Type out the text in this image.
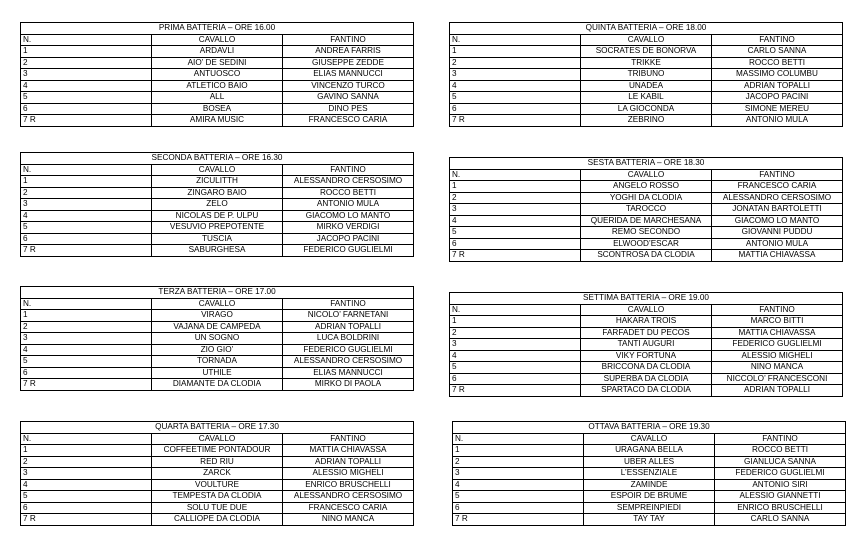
PRIMA BATTERIA – ORE 16.00		
N.	CAVALLO	FANTINO
1	ARDAVLI	ANDREA FARRIS
2	AIO’ DE SEDINI	GIUSEPPE ZEDDE
3	ANTUOSCO	ELIAS MANNUCCI
4	ATLETICO BAIO	VINCENZO TURCO
5	ALL	GAVINO SANNA
6	BOSEA	DINO PES
7 R	AMIRA MUSIC	FRANCESCO CARIA
SECONDA BATTERIA – ORE 16.30		
N.	CAVALLO	FANTINO
1	ZICULITTH	ALESSANDRO CERSOSIMO
2	ZINGARO BAIO	ROCCO BETTI
3	ZELO	ANTONIO MULA
4	NICOLAS DE P. ULPU	GIACOMO LO MANTO
5	VESUVIO PREPOTENTE	MIRKO VERDIGI
6	TUSCIA	JACOPO PACINI
7 R	SABURGHESA	FEDERICO GUGLIELMI
TERZA BATTERIA – ORE 17.00		
N.	CAVALLO	FANTINO
1	VIRAGO	NICOLO’ FARNETANI
2	VAJANA DE CAMPEDA	ADRIAN TOPALLI
3	UN SOGNO	LUCA BOLDRINI
4	ZIO GIO’	FEDERICO GUGLIELMI
5	TORNADA	ALESSANDRO CERSOSIMO
6	UTHILE	ELIAS MANNUCCI
7 R	DIAMANTE DA CLODIA	MIRKO DI PAOLA
QUARTA BATTERIA – ORE 17.30		
N.	CAVALLO	FANTINO
1	COFFEETIME PONTADOUR	MATTIA CHIAVASSA
2	RED RIU	ADRIAN TOPALLI
3	ZARCK	ALESSIO MIGHELI
4	VOULTURE	ENRICO BRUSCHELLI
5	TEMPESTA DA CLODIA	ALESSANDRO CERSOSIMO
6	SOLU TUE DUE	FRANCESCO CARIA
7 R	CALLIOPE DA CLODIA	NINO MANCA
QUINTA BATTERIA – ORE 18.00		
N.	CAVALLO	FANTINO
1	SOCRATES DE BONORVA	CARLO SANNA
2	TRIKKE	ROCCO BETTI
3	TRIBUNO	MASSIMO COLUMBU
4	UNADEA	ADRIAN TOPALLI
5	LE KABIL	JACOPO PACINI
6	LA GIOCONDA	SIMONE MEREU
7 R	ZEBRINO	ANTONIO MULA
SESTA BATTERIA – ORE 18.30		
N.	CAVALLO	FANTINO
1	ANGELO ROSSO	FRANCESCO CARIA
2	YOGHI DA CLODIA	ALESSANDRO CERSOSIMO
3	TAROCCO	JONATAN BARTOLETTI
4	QUERIDA DE MARCHESANA	GIACOMO LO MANTO
5	REMO SECONDO	GIOVANNI PUDDU
6	ELWOOD’ESCAR	ANTONIO MULA
7 R	SCONTROSA DA CLODIA	MATTIA CHIAVASSA
SETTIMA BATTERIA – ORE 19.00		
N.	CAVALLO	FANTINO
1	HAKARA TROIS	MARCO BITTI
2	FARFADET DU PECOS	MATTIA CHIAVASSA
3	TANTI AUGURI	FEDERICO GUGLIELMI
4	VIKY FORTUNA	ALESSIO MIGHELI
5	BRICCONA DA CLODIA	NINO MANCA
6	SUPERBA DA CLODIA	NICCOLO’ FRANCESCONI
7 R	SPARTACO DA CLODIA	ADRIAN TOPALLI
OTTAVA BATTERIA – ORE 19.30		
N.	CAVALLO	FANTINO
1	URAGANA BELLA	ROCCO BETTI
2	UBER ALLES	GIANLUCA SANNA
3	L’ESSENZIALE	FEDERICO GUGLIELMI
4	ZAMINDE	ANTONIO SIRI
5	ESPOIR DE BRUME	ALESSIO GIANNETTI
6	SEMPREINPIEDI	ENRICO BRUSCHELLI
7 R	TAY TAY	CARLO SANNA
